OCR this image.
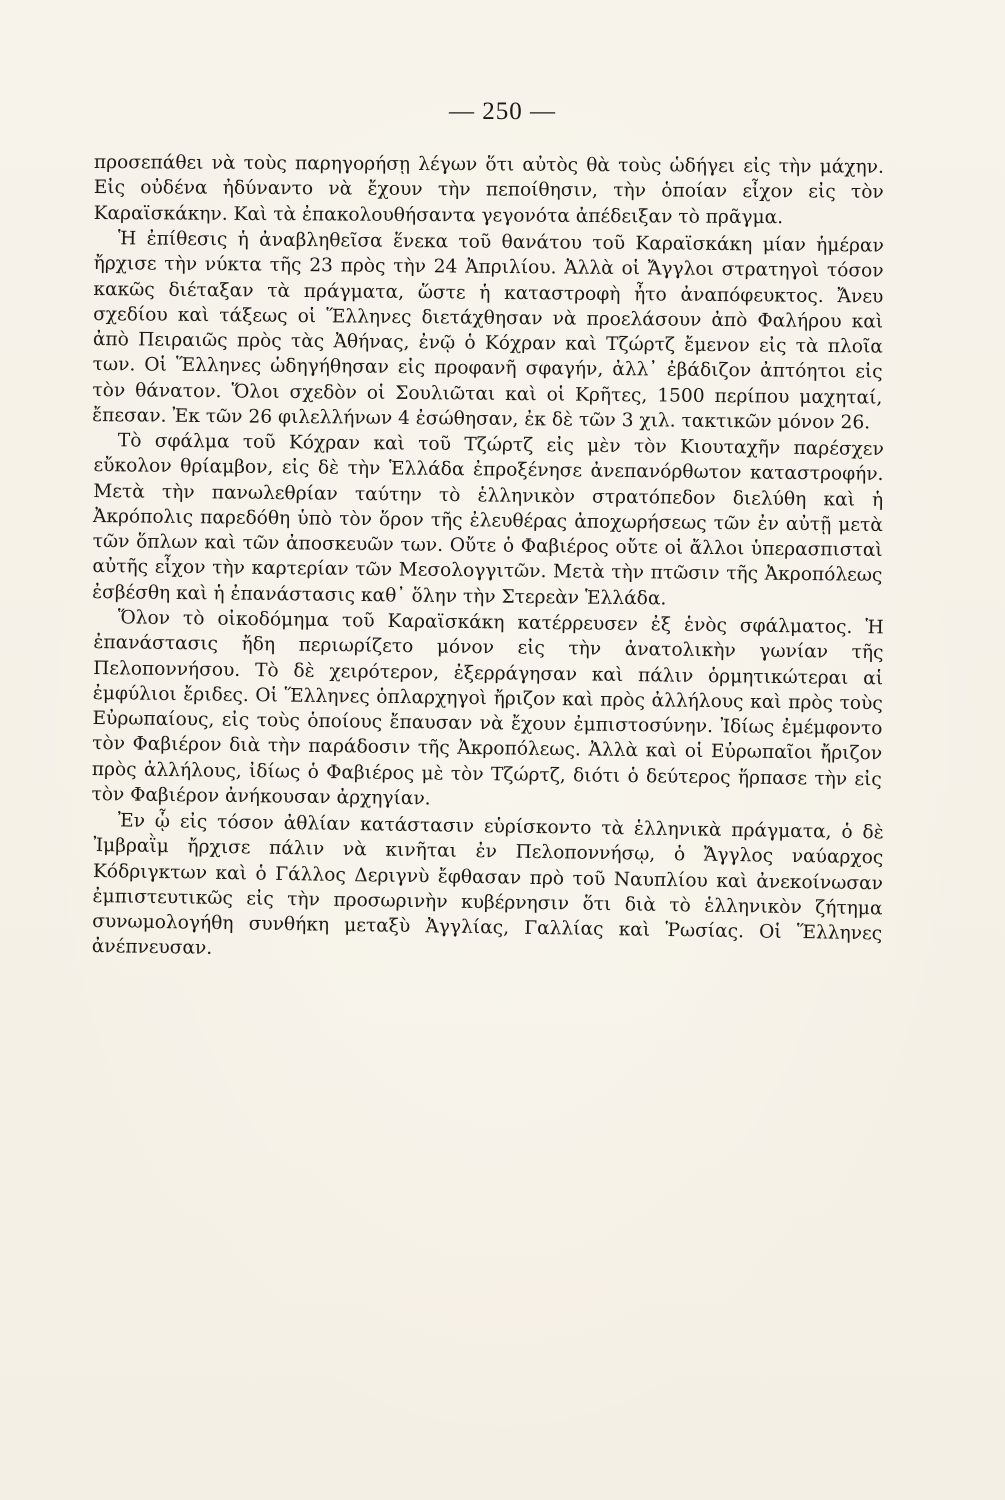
— 250 —

προσεπάθει νὰ τοὺς παρηγορήσῃ λέγων ὅτι αὐτὸς θὰ τοὺς ὡδήγει εἰς τὴν μάχην. Εἰς οὐδένα ἠδύναντο νὰ ἔχουν τὴν πεποίθησιν, τὴν ὁποίαν εἶχον εἰς τὸν Καραϊσκάκην. Καὶ τὰ ἐπακολουθήσαντα γεγονότα ἀπέδειξαν τὸ πρᾶγμα.

Ἡ ἐπίθεσις ἡ ἀναβληθεῖσα ἕνεκα τοῦ θανάτου τοῦ Καραϊσκάκη μίαν ἡμέραν ἤρχισε τὴν νύκτα τῆς 23 πρὸς τὴν 24 Ἀπριλίου. Ἀλλὰ οἱ Ἄγγλοι στρατηγοὶ τόσον κακῶς διέταξαν τὰ πράγματα, ὥστε ἡ καταστροφὴ ἦτο ἀναπόφευκτος. Ἄνευ σχεδίου καὶ τάξεως οἱ Ἕλληνες διετάχθησαν νὰ προελάσουν ἀπὸ Φαλήρου καὶ ἀπὸ Πειραιῶς πρὸς τὰς Ἀθήνας, ἐνῷ ὁ Κόχραν καὶ Τζώρτζ ἔμενον εἰς τὰ πλοῖα των. Οἱ Ἕλληνες ὡδηγήθησαν εἰς προφανῆ σφαγήν, ἀλλ᾽ ἐβάδιζον ἀπτόητοι εἰς τὸν θάνατον. Ὅλοι σχεδὸν οἱ Σουλιῶται καὶ οἱ Κρῆτες, 1500 περίπου μαχηταί, ἔπεσαν. Ἐκ τῶν 26 φιλελλήνων 4 ἐσώθησαν, ἐκ δὲ τῶν 3 χιλ. τακτικῶν μόνον 26.

Τὸ σφάλμα τοῦ Κόχραν καὶ τοῦ Τζώρτζ εἰς μὲν τὸν Κιουταχῆν παρέσχεν εὔκολον θρίαμβον, εἰς δὲ τὴν Ἑλλάδα ἐπροξένησε ἀνεπανόρθωτον καταστροφήν. Μετὰ τὴν πανωλεθρίαν ταύτην τὸ ἑλληνικὸν στρατόπεδον διελύθη καὶ ἡ Ἀκρόπολις παρεδόθη ὑπὸ τὸν ὅρον τῆς ἐλευθέρας ἀποχωρήσεως τῶν ἐν αὐτῇ μετὰ τῶν ὅπλων καὶ τῶν ἀποσκευῶν των. Οὔτε ὁ Φαβιέρος οὔτε οἱ ἄλλοι ὑπερασπισταὶ αὐτῆς εἶχον τὴν καρτερίαν τῶν Μεσολογγιτῶν. Μετὰ τὴν πτῶσιν τῆς Ἀκροπόλεως ἐσβέσθη καὶ ἡ ἐπανάστασις καθ᾽ ὅλην τὴν Στερεὰν Ἑλλάδα.

Ὅλον τὸ οἰκοδόμημα τοῦ Καραϊσκάκη κατέρρευσεν ἐξ ἑνὸς σφάλματος. Ἡ ἐπανάστασις ἤδη περιωρίζετο μόνον εἰς τὴν ἀνατολικὴν γωνίαν τῆς Πελοποννήσου. Τὸ δὲ χειρότερον, ἐξερράγησαν καὶ πάλιν ὁρμητικώτεραι αἱ ἐμφύλιοι ἔριδες. Οἱ Ἕλληνες ὁπλαρχηγοὶ ἤριζον καὶ πρὸς ἀλλήλους καὶ πρὸς τοὺς Εὐρωπαίους, εἰς τοὺς ὁποίους ἔπαυσαν νὰ ἔχουν ἐμπιστοσύνην. Ἰδίως ἐμέμφοντο τὸν Φαβιέρον διὰ τὴν παράδοσιν τῆς Ἀκροπόλεως. Ἀλλὰ καὶ οἱ Εὐρωπαῖοι ἤριζον πρὸς ἀλλήλους, ἰδίως ὁ Φαβιέρος μὲ τὸν Τζώρτζ, διότι ὁ δεύτερος ἥρπασε τὴν εἰς τὸν Φαβιέρον ἀνήκουσαν ἀρχηγίαν.

Ἐν ᾧ εἰς τόσον ἀθλίαν κατάστασιν εὑρίσκοντο τὰ ἑλληνικὰ πράγματα, ὁ δὲ Ἰμβραῒμ ἤρχισε πάλιν νὰ κινῆται ἐν Πελοποννήσῳ, ὁ Ἄγγλος ναύαρχος Κόδριγκτων καὶ ὁ Γάλλος Δεριγνὺ ἔφθασαν πρὸ τοῦ Ναυπλίου καὶ ἀνεκοίνωσαν ἐμπιστευτικῶς εἰς τὴν προσωρινὴν κυβέρνησιν ὅτι διὰ τὸ ἑλληνικὸν ζήτημα συνωμολογήθη συνθήκη μεταξὺ Ἀγγλίας, Γαλλίας καὶ Ῥωσίας. Οἱ Ἕλληνες ἀνέπνευσαν.
